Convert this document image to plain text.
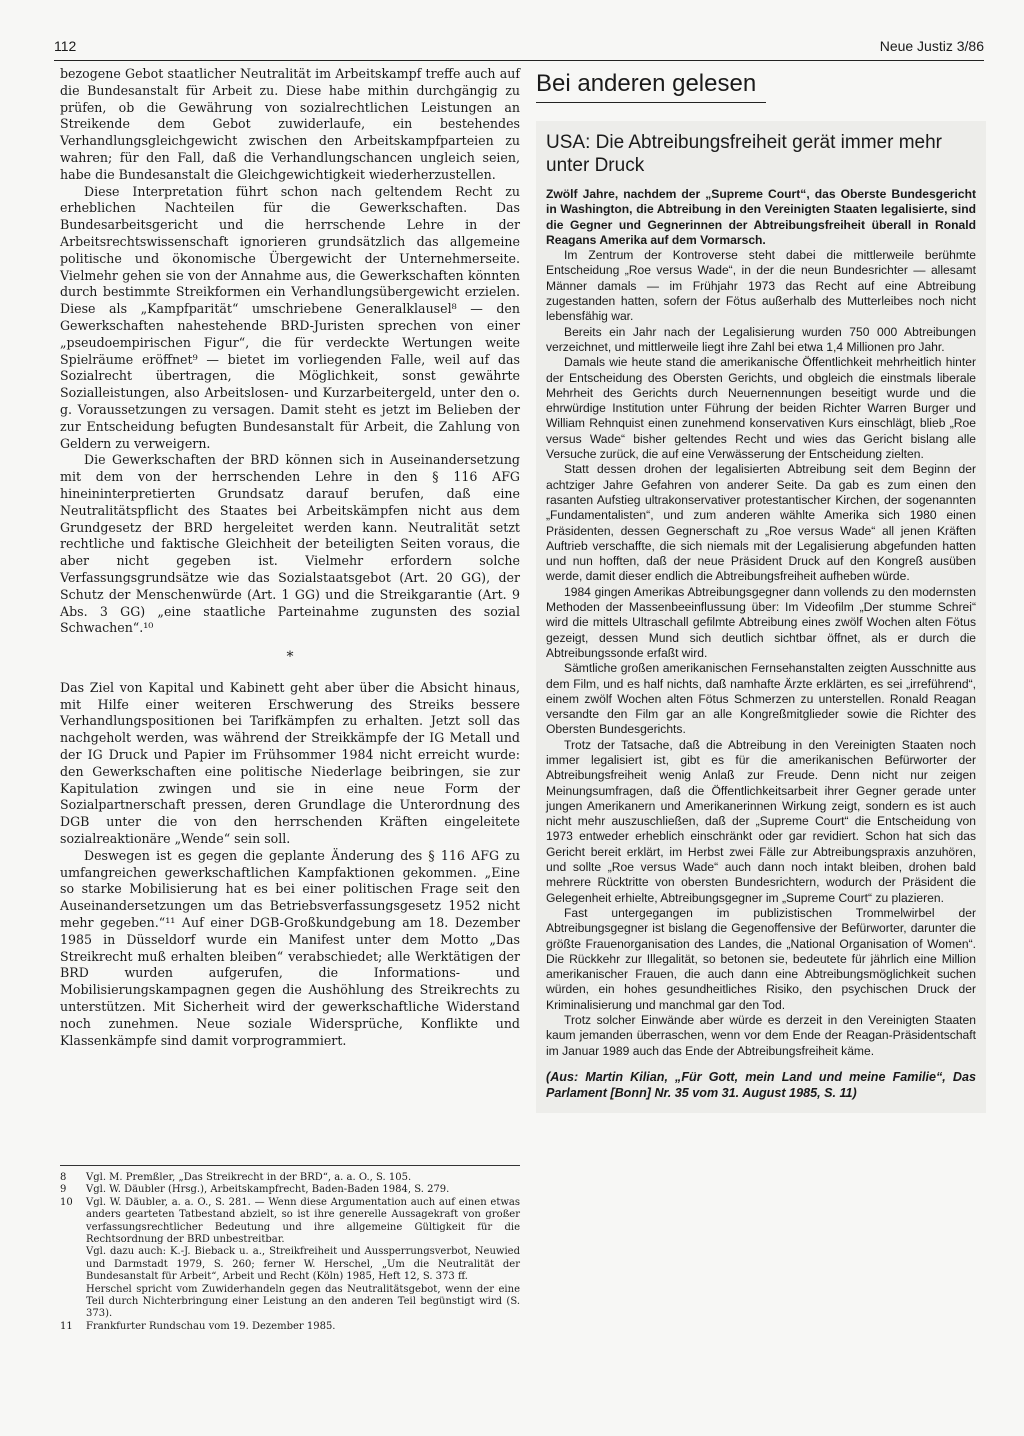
112	Neue Justiz 3/86

bezogene Gebot staatlicher Neutralität im Arbeitskampf treffe auch auf die Bundesanstalt für Arbeit zu. Diese habe mithin durchgängig zu prüfen, ob die Gewährung von sozialrechtlichen Leistungen an Streikende dem Gebot zuwiderlaufe, ein bestehendes Verhandlungsgleichgewicht zwischen den Arbeitskampfparteien zu wahren; für den Fall, daß die Verhandlungschancen ungleich seien, habe die Bundesanstalt die Gleichgewichtigkeit wiederherzustellen.

Diese Interpretation führt schon nach geltendem Recht zu erheblichen Nachteilen für die Gewerkschaften. Das Bundesarbeitsgericht und die herrschende Lehre in der Arbeitsrechtswissenschaft ignorieren grundsätzlich das allgemeine politische und ökonomische Übergewicht der Unternehmerseite. Vielmehr gehen sie von der Annahme aus, die Gewerkschaften könnten durch bestimmte Streikformen ein Verhandlungsübergewicht erzielen. Diese als „Kampfparität“ umschriebene Generalklausel⁸ — den Gewerkschaften nahestehende BRD-Juristen sprechen von einer „pseudoempirischen Figur“, die für verdeckte Wertungen weite Spielräume eröffnet⁹ — bietet im vorliegenden Falle, weil auf das Sozialrecht übertragen, die Möglichkeit, sonst gewährte Sozialleistungen, also Arbeitslosen- und Kurzarbeitergeld, unter den o. g. Voraussetzungen zu versagen. Damit steht es jetzt im Belieben der zur Entscheidung befugten Bundesanstalt für Arbeit, die Zahlung von Geldern zu verweigern.

Die Gewerkschaften der BRD können sich in Auseinandersetzung mit dem von der herrschenden Lehre in den § 116 AFG hineininterpretierten Grundsatz darauf berufen, daß eine Neutralitätspflicht des Staates bei Arbeitskämpfen nicht aus dem Grundgesetz der BRD hergeleitet werden kann. Neutralität setzt rechtliche und faktische Gleichheit der beteiligten Seiten voraus, die aber nicht gegeben ist. Vielmehr erfordern solche Verfassungsgrundsätze wie das Sozialstaatsgebot (Art. 20 GG), der Schutz der Menschenwürde (Art. 1 GG) und die Streikgarantie (Art. 9 Abs. 3 GG) „eine staatliche Parteinahme zugunsten des sozial Schwachen“.¹⁰

*

Das Ziel von Kapital und Kabinett geht aber über die Absicht hinaus, mit Hilfe einer weiteren Erschwerung des Streiks bessere Verhandlungspositionen bei Tarifkämpfen zu erhalten. Jetzt soll das nachgeholt werden, was während der Streikkämpfe der IG Metall und der IG Druck und Papier im Frühsommer 1984 nicht erreicht wurde: den Gewerkschaften eine politische Niederlage beibringen, sie zur Kapitulation zwingen und sie in eine neue Form der Sozialpartnerschaft pressen, deren Grundlage die Unterordnung des DGB unter die von den herrschenden Kräften eingeleitete sozialreaktionäre „Wende“ sein soll.

Deswegen ist es gegen die geplante Änderung des § 116 AFG zu umfangreichen gewerkschaftlichen Kampfaktionen gekommen. „Eine so starke Mobilisierung hat es bei einer politischen Frage seit den Auseinandersetzungen um das Betriebsverfassungsgesetz 1952 nicht mehr gegeben.“¹¹ Auf einer DGB-Großkundgebung am 18. Dezember 1985 in Düsseldorf wurde ein Manifest unter dem Motto „Das Streikrecht muß erhalten bleiben“ verabschiedet; alle Werktätigen der BRD wurden aufgerufen, die Informations- und Mobilisierungskampagnen gegen die Aushöhlung des Streikrechts zu unterstützen. Mit Sicherheit wird der gewerkschaftliche Widerstand noch zunehmen. Neue soziale Widersprüche, Konflikte und Klassenkämpfe sind damit vorprogrammiert.

8	Vgl. M. Premßler, „Das Streikrecht in der BRD“, a. a. O., S. 105.
9	Vgl. W. Däubler (Hrsg.), Arbeitskampfrecht, Baden-Baden 1984, S. 279.
10	Vgl. W. Däubler, a. a. O., S. 281. — Wenn diese Argumentation auch auf einen etwas anders gearteten Tatbestand abzielt, so ist ihre generelle Aussagekraft von großer verfassungsrechtlicher Bedeutung und ihre allgemeine Gültigkeit für die Rechtsordnung der BRD unbestreitbar.
Vgl. dazu auch: K.-J. Bieback u. a., Streikfreiheit und Aussperrungsverbot, Neuwied und Darmstadt 1979, S. 260; ferner W. Herschel, „Um die Neutralität der Bundesanstalt für Arbeit“, Arbeit und Recht (Köln) 1985, Heft 12, S. 373 ff.
Herschel spricht vom Zuwiderhandeln gegen das Neutralitätsgebot, wenn der eine Teil durch Nichterbringung einer Leistung an den anderen Teil begünstigt wird (S. 373).
11	Frankfurter Rundschau vom 19. Dezember 1985.
Bei anderen gelesen
USA: Die Abtreibungsfreiheit gerät immer mehr unter Druck

Zwölf Jahre, nachdem der „Supreme Court“, das Oberste Bundesgericht in Washington, die Abtreibung in den Vereinigten Staaten legalisierte, sind die Gegner und Gegnerinnen der Abtreibungsfreiheit überall in Ronald Reagans Amerika auf dem Vormarsch.

Im Zentrum der Kontroverse steht dabei die mittlerweile berühmte Entscheidung „Roe versus Wade“, in der die neun Bundesrichter — allesamt Männer damals — im Frühjahr 1973 das Recht auf eine Abtreibung zugestanden hatten, sofern der Fötus außerhalb des Mutterleibes noch nicht lebensfähig war.

Bereits ein Jahr nach der Legalisierung wurden 750 000 Abtreibungen verzeichnet, und mittlerweile liegt ihre Zahl bei etwa 1,4 Millionen pro Jahr.

Damals wie heute stand die amerikanische Öffentlichkeit mehrheitlich hinter der Entscheidung des Obersten Gerichts, und obgleich die einstmals liberale Mehrheit des Gerichts durch Neuernennungen beseitigt wurde und die ehrwürdige Institution unter Führung der beiden Richter Warren Burger und William Rehnquist einen zunehmend konservativen Kurs einschlägt, blieb „Roe versus Wade“ bisher geltendes Recht und wies das Gericht bislang alle Versuche zurück, die auf eine Verwässerung der Entscheidung zielten.

Statt dessen drohen der legalisierten Abtreibung seit dem Beginn der achtziger Jahre Gefahren von anderer Seite. Da gab es zum einen den rasanten Aufstieg ultrakonservativer protestantischer Kirchen, der sogenannten „Fundamentalisten“, und zum anderen wählte Amerika sich 1980 einen Präsidenten, dessen Gegnerschaft zu „Roe versus Wade“ all jenen Kräften Auftrieb verschaffte, die sich niemals mit der Legalisierung abgefunden hatten und nun hofften, daß der neue Präsident Druck auf den Kongreß ausüben werde, damit dieser endlich die Abtreibungsfreiheit aufheben würde.

1984 gingen Amerikas Abtreibungsgegner dann vollends zu den modernsten Methoden der Massenbeeinflussung über: Im Videofilm „Der stumme Schrei“ wird die mittels Ultraschall gefilmte Abtreibung eines zwölf Wochen alten Fötus gezeigt, dessen Mund sich deutlich sichtbar öffnet, als er durch die Abtreibungssonde erfaßt wird.

Sämtliche großen amerikanischen Fernsehanstalten zeigten Ausschnitte aus dem Film, und es half nichts, daß namhafte Ärzte erklärten, es sei „irreführend“, einem zwölf Wochen alten Fötus Schmerzen zu unterstellen. Ronald Reagan versandte den Film gar an alle Kongreßmitglieder sowie die Richter des Obersten Bundesgerichts.

Trotz der Tatsache, daß die Abtreibung in den Vereinigten Staaten noch immer legalisiert ist, gibt es für die amerikanischen Befürworter der Abtreibungsfreiheit wenig Anlaß zur Freude. Denn nicht nur zeigen Meinungsumfragen, daß die Öffentlichkeitsarbeit ihrer Gegner gerade unter jungen Amerikanern und Amerikanerinnen Wirkung zeigt, sondern es ist auch nicht mehr auszuschließen, daß der „Supreme Court“ die Entscheidung von 1973 entweder erheblich einschränkt oder gar revidiert. Schon hat sich das Gericht bereit erklärt, im Herbst zwei Fälle zur Abtreibungspraxis anzuhören, und sollte „Roe versus Wade“ auch dann noch intakt bleiben, drohen bald mehrere Rücktritte von obersten Bundesrichtern, wodurch der Präsident die Gelegenheit erhielte, Abtreibungsgegner im „Supreme Court“ zu plazieren.

Fast untergegangen im publizistischen Trommelwirbel der Abtreibungsgegner ist bislang die Gegenoffensive der Befürworter, darunter die größte Frauenorganisation des Landes, die „National Organisation of Women“. Die Rückkehr zur Illegalität, so betonen sie, bedeutete für jährlich eine Million amerikanischer Frauen, die auch dann eine Abtreibungsmöglichkeit suchen würden, ein hohes gesundheitliches Risiko, den psychischen Druck der Kriminalisierung und manchmal gar den Tod.

Trotz solcher Einwände aber würde es derzeit in den Vereinigten Staaten kaum jemanden überraschen, wenn vor dem Ende der Reagan-Präsidentschaft im Januar 1989 auch das Ende der Abtreibungsfreiheit käme.

(Aus: Martin Kilian, „Für Gott, mein Land und meine Familie“, Das Parlament [Bonn] Nr. 35 vom 31. August 1985, S. 11)
